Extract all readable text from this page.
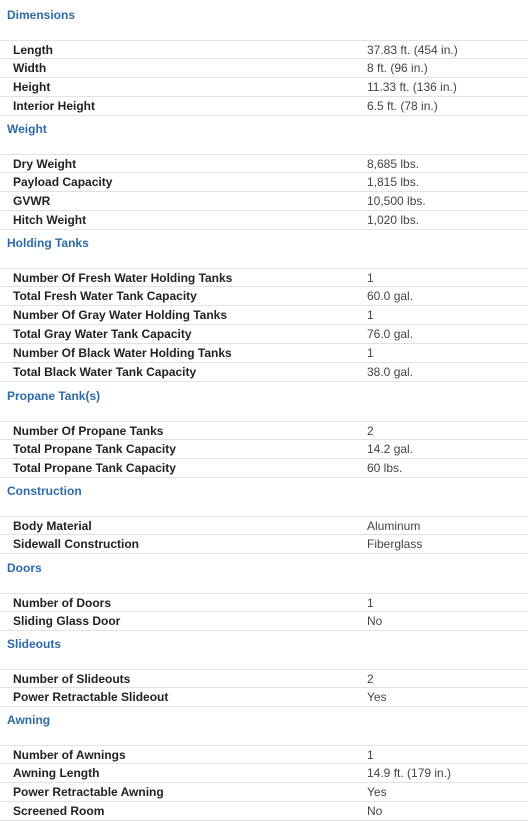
Dimensions
Length	37.83 ft. (454 in.)
Width	8 ft. (96 in.)
Height	11.33 ft. (136 in.)
Interior Height	6.5 ft. (78 in.)
Weight
Dry Weight	8,685 lbs.
Payload Capacity	1,815 lbs.
GVWR	10,500 lbs.
Hitch Weight	1,020 lbs.
Holding Tanks
Number Of Fresh Water Holding Tanks	1
Total Fresh Water Tank Capacity	60.0 gal.
Number Of Gray Water Holding Tanks	1
Total Gray Water Tank Capacity	76.0 gal.
Number Of Black Water Holding Tanks	1
Total Black Water Tank Capacity	38.0 gal.
Propane Tank(s)
Number Of Propane Tanks	2
Total Propane Tank Capacity	14.2 gal.
Total Propane Tank Capacity	60 lbs.
Construction
Body Material	Aluminum
Sidewall Construction	Fiberglass
Doors
Number of Doors	1
Sliding Glass Door	No
Slideouts
Number of Slideouts	2
Power Retractable Slideout	Yes
Awning
Number of Awnings	1
Awning Length	14.9 ft. (179 in.)
Power Retractable Awning	Yes
Screened Room	No
